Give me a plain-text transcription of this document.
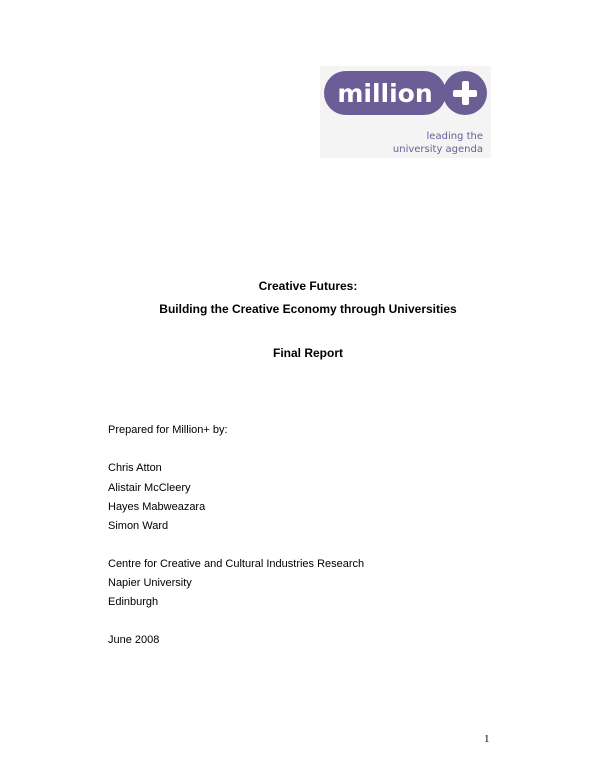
million
leading the
university agenda
Creative Futures:
Building the Creative Economy through Universities
Final Report
Prepared for Million+ by:
Chris Atton
Alistair McCleery
Hayes Mabweazara
Simon Ward
Centre for Creative and Cultural Industries Research
Napier University
Edinburgh
June 2008
1
